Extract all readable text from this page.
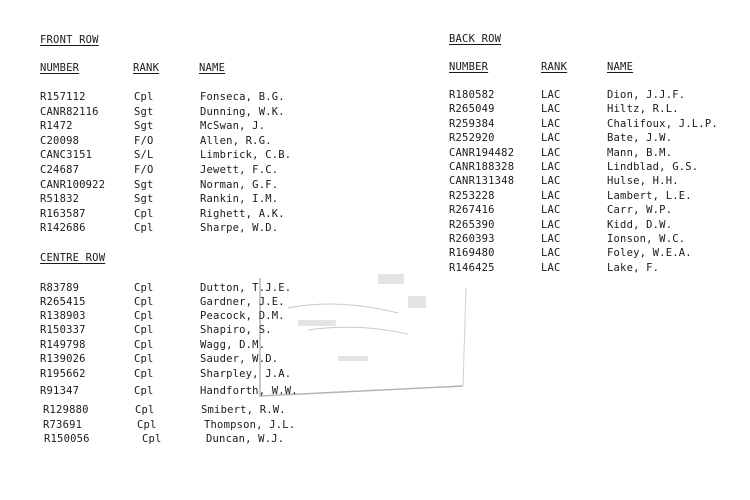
FRONT ROW
NUMBER	RANK	NAME
R157112	Cpl	Fonseca, B.G.
CANR82116	Sgt	Dunning, W.K.
R1472	Sgt	McSwan, J.
C20098	F/O	Allen, R.G.
CANC3151	S/L	Limbrick, C.B.
C24687	F/O	Jewett, F.C.
CANR100922	Sgt	Norman, G.F.
R51832	Sgt	Rankin, I.M.
R163587	Cpl	Righett, A.K.
R142686	Cpl	Sharpe, W.D.
CENTRE ROW
R83789	Cpl	Dutton, T.J.E.
R265415	Cpl	Gardner, J.E.
R138903	Cpl	Peacock, D.M.
R150337	Cpl	Shapiro, S.
R149798	Cpl	Wagg, D.M.
R139026	Cpl	Sauder, W.D.
R195662	Cpl	Sharpley, J.A.
R91347	Cpl	Handforth, W.W.
R129880	Cpl	Smibert, R.W.
R73691	Cpl	Thompson, J.L.
R150056	Cpl	Duncan, W.J.
BACK ROW
NUMBER	RANK	NAME
R180582	LAC	Dion, J.J.F.
R265049	LAC	Hiltz, R.L.
R259384	LAC	Chalifoux, J.L.P.
R252920	LAC	Bate, J.W.
CANR194482	LAC	Mann, B.M.
CANR188328	LAC	Lindblad, G.S.
CANR131348	LAC	Hulse, H.H.
R253228	LAC	Lambert, L.E.
R267416	LAC	Carr, W.P.
R265390	LAC	Kidd, D.W.
R260393	LAC	Ionson, W.C.
R169480	LAC	Foley, W.E.A.
R146425	LAC	Lake, F.
